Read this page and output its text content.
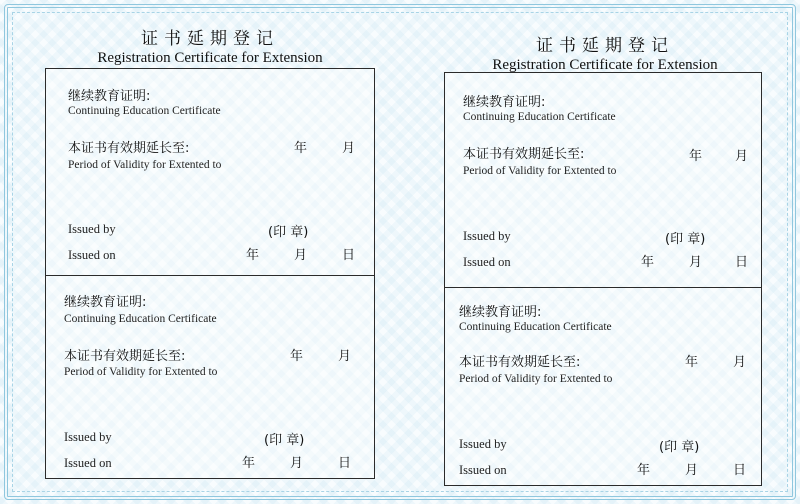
证书延期登记
Registration Certificate for Extension
继续教育证明:
Continuing Education Certificate
本证书有效期延长至:	年	月
Period of Validity for Extented to
Issued by	(印 章)
Issued on	年	月	日
继续教育证明:
Continuing Education Certificate
本证书有效期延长至:	年	月
Period of Validity for Extented to
Issued by	(印 章)
Issued on	年	月	日
证书延期登记
Registration Certificate for Extension
继续教育证明:
Continuing Education Certificate
本证书有效期延长至:	年	月
Period of Validity for Extented to
Issued by	(印 章)
Issued on	年	月	日
继续教育证明:
Continuing Education Certificate
本证书有效期延长至:	年	月
Period of Validity for Extented to
Issued by	(印 章)
Issued on	年	月	日
